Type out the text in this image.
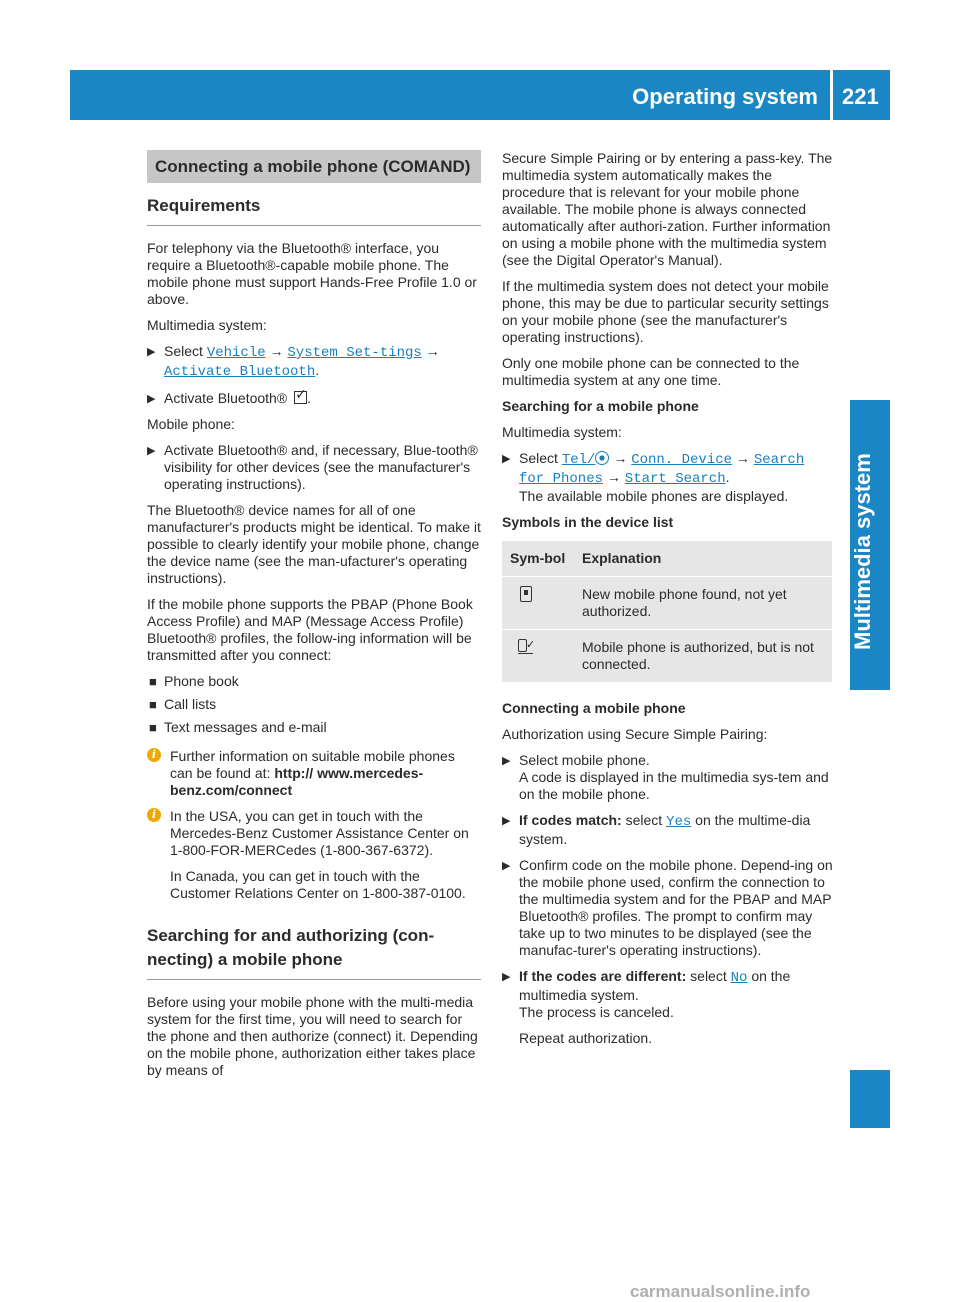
Operating system 221
Multimedia system
Connecting a mobile phone (COMAND)
Requirements

For telephony via the Bluetooth® interface, you require a Bluetooth®-capable mobile phone. The mobile phone must support Hands-Free Profile 1.0 or above.

Multimedia system:

▶ Select Vehicle → System Set-tings → Activate Bluetooth.
▶ Activate Bluetooth® ✓ .

Mobile phone:

▶ Activate Bluetooth® and, if necessary, Blue-tooth® visibility for other devices (see the manufacturer's operating instructions).

The Bluetooth® device names for all of one manufacturer's products might be identical. To make it possible to clearly identify your mobile phone, change the device name (see the man-ufacturer's operating instructions).

If the mobile phone supports the PBAP (Phone Book Access Profile) and MAP (Message Access Profile) Bluetooth® profiles, the follow-ing information will be transmitted after you connect:

■ Phone book
■ Call lists
■ Text messages and e-mail
i Further information on suitable mobile phones can be found at: http:// www.mercedes-benz.com/connect
i In the USA, you can get in touch with the Mercedes-Benz Customer Assistance Center on 1-800-FOR-MERCedes (1-800-367-6372).

In Canada, you can get in touch with the Customer Relations Center on 1-800-387-0100.

Searching for and authorizing (con-necting) a mobile phone

Before using your mobile phone with the multi-media system for the first time, you will need to search for the phone and then authorize (connect) it. Depending on the mobile phone, authorization either takes place by means of

Secure Simple Pairing or by entering a pass-key. The multimedia system automatically makes the procedure that is relevant for your mobile phone available. The mobile phone is always connected automatically after authori-zation. Further information on using a mobile phone with the multimedia system (see the Digital Operator's Manual).

If the multimedia system does not detect your mobile phone, this may be due to particular security settings on your mobile phone (see the manufacturer's operating instructions).

Only one mobile phone can be connected to the multimedia system at any one time.

Searching for a mobile phone

Multimedia system:

▶ Select Tel/ → Conn. Device → Search for Phones → Start Search.
The available mobile phones are displayed.
Symbols in the device list
Sym-bol	Explanation
	New mobile phone found, not yet authorized.
✓	Mobile phone is authorized, but is not connected.
Connecting a mobile phone

Authorization using Secure Simple Pairing:

▶ Select mobile phone.
A code is displayed in the multimedia sys-tem and on the mobile phone.
▶ If codes match: select Yes on the multime-dia system.
▶ Confirm code on the mobile phone. Depend-ing on the mobile phone used, confirm the connection to the multimedia system and for the PBAP and MAP Bluetooth® profiles. The prompt to confirm may take up to two minutes to be displayed (see the manufac-turer's operating instructions).
▶ If the codes are different: select No on the multimedia system.
The process is canceled.
Repeat authorization.
carmanualsonline.info
